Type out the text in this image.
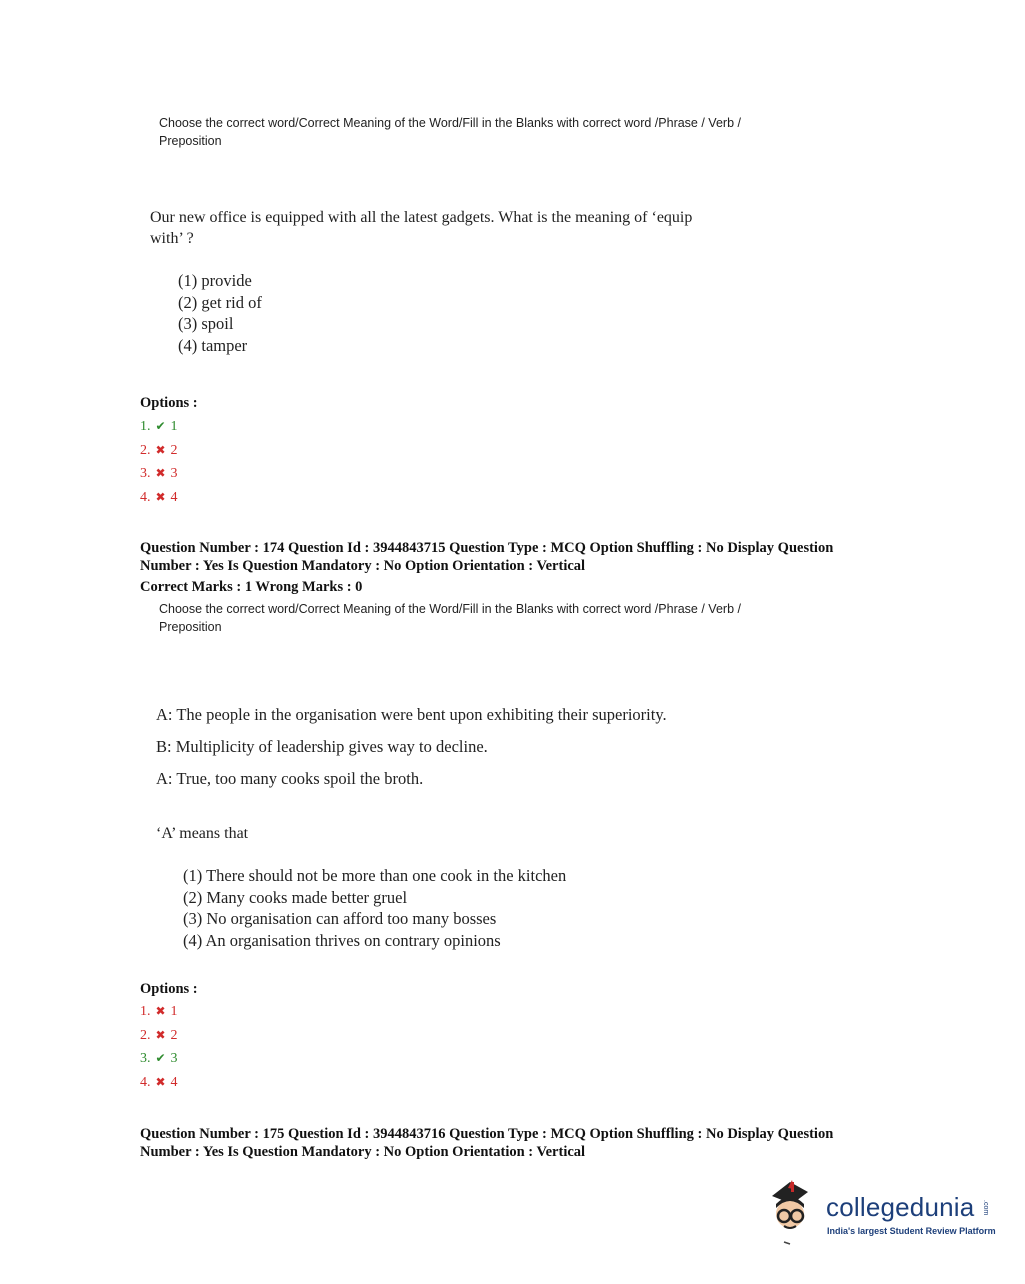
Choose the correct word/Correct Meaning of the Word/Fill in the Blanks with correct word /Phrase / Verb /
Preposition
Our new office is equipped with all the latest gadgets. What is the meaning of ‘equip
with’ ?
(1) provide
(2) get rid of
(3) spoil
(4) tamper
Options :
1. ✔ 1
2. ✖ 2
3. ✖ 3
4. ✖ 4
Question Number : 174 Question Id : 3944843715 Question Type : MCQ Option Shuffling : No Display Question
Number : Yes Is Question Mandatory : No Option Orientation : Vertical
Correct Marks : 1 Wrong Marks : 0
Choose the correct word/Correct Meaning of the Word/Fill in the Blanks with correct word /Phrase / Verb /
Preposition
A: The people in the organisation were bent upon exhibiting their superiority.
B: Multiplicity of leadership gives way to decline.
A: True, too many cooks spoil the broth.
‘A’ means that
(1) There should not be more than one cook in the kitchen
(2) Many cooks made better gruel
(3) No organisation can afford too many bosses
(4) An organisation thrives on contrary opinions
Options :
1. ✖ 1
2. ✖ 2
3. ✔ 3
4. ✖ 4
Question Number : 175 Question Id : 3944843716 Question Type : MCQ Option Shuffling : No Display Question
Number : Yes Is Question Mandatory : No Option Orientation : Vertical
collegedunia .com
India's largest Student Review Platform
